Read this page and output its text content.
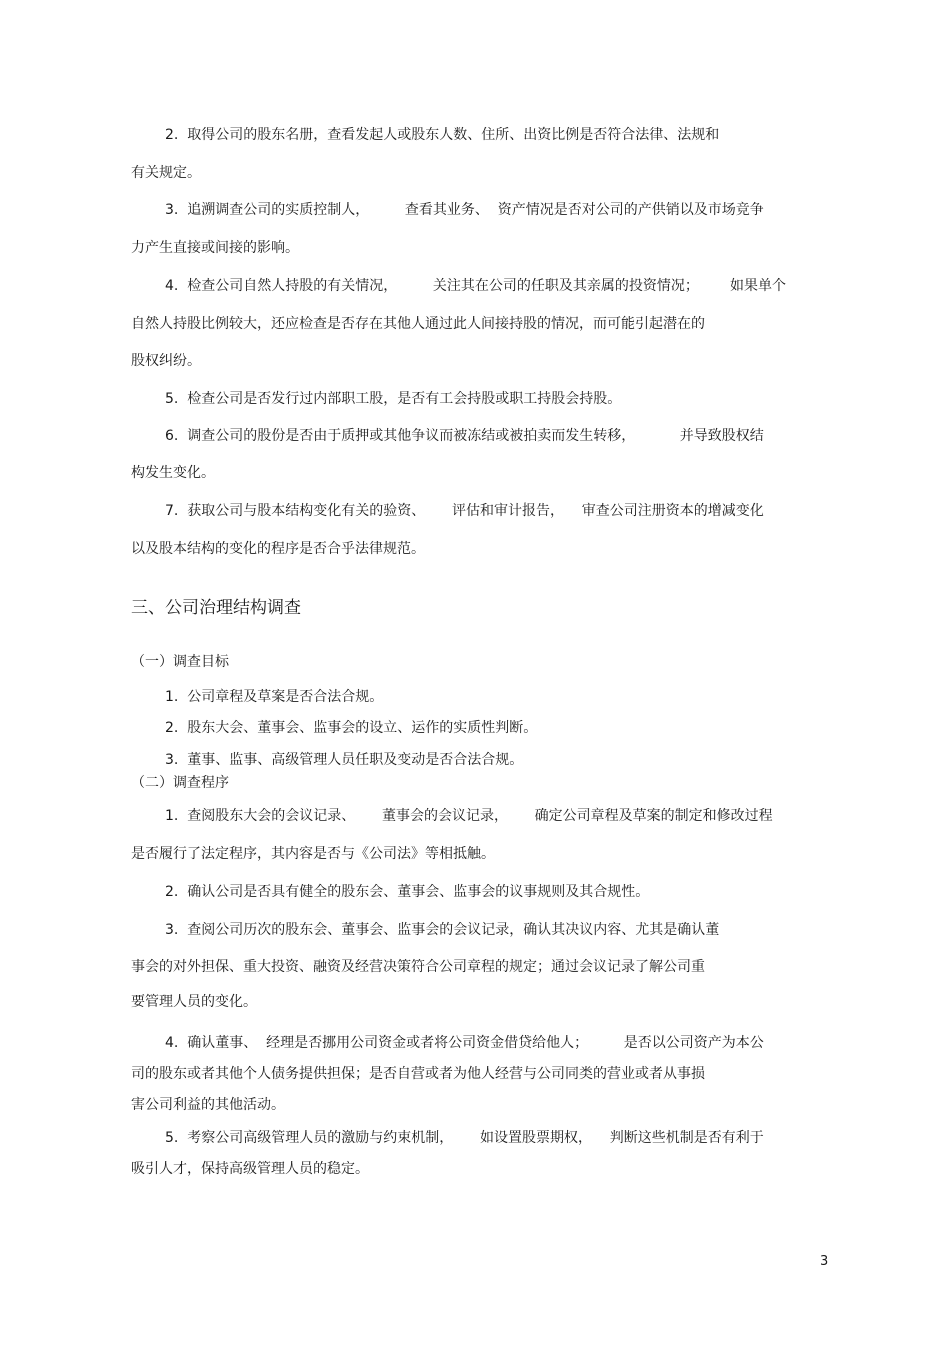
2.  取得公司的股东名册，查看发起人或股东人数、住所、出资比例是否符合法律、法规和
有关规定。
3.  追溯调查公司的实质控制人，        查看其业务、  资产情况是否对公司的产供销以及市场竞争
力产生直接或间接的影响。
4.  检查公司自然人持股的有关情况，        关注其在公司的任职及其亲属的投资情况；       如果单个
自然人持股比例较大，还应检查是否存在其他人通过此人间接持股的情况，而可能引起潜在的
股权纠纷。
5.  检查公司是否发行过内部职工股，是否有工会持股或职工持股会持股。
6.  调查公司的股份是否由于质押或其他争议而被冻结或被拍卖而发生转移，          并导致股权结
构发生变化。
7.  获取公司与股本结构变化有关的验资、      评估和审计报告，    审查公司注册资本的增减变化
以及股本结构的变化的程序是否合乎法律规范。
三、公司治理结构调查
（一）调查目标
1.  公司章程及草案是否合法合规。
2.  股东大会、董事会、监事会的设立、运作的实质性判断。
3.  董事、监事、高级管理人员任职及变动是否合法合规。
（二）调查程序
1.  查阅股东大会的会议记录、      董事会的会议记录，      确定公司章程及草案的制定和修改过程
是否履行了法定程序，其内容是否与《公司法》等相抵触。
2.  确认公司是否具有健全的股东会、董事会、监事会的议事规则及其合规性。
3.  查阅公司历次的股东会、董事会、监事会的会议记录，确认其决议内容、尤其是确认董
事会的对外担保、重大投资、融资及经营决策符合公司章程的规定；通过会议记录了解公司重
要管理人员的变化。
4.  确认董事、  经理是否挪用公司资金或者将公司资金借贷给他人；        是否以公司资产为本公
司的股东或者其他个人债务提供担保；是否自营或者为他人经营与公司同类的营业或者从事损
害公司利益的其他活动。
5.  考察公司高级管理人员的激励与约束机制，      如设置股票期权，    判断这些机制是否有利于
吸引人才，保持高级管理人员的稳定。
3
